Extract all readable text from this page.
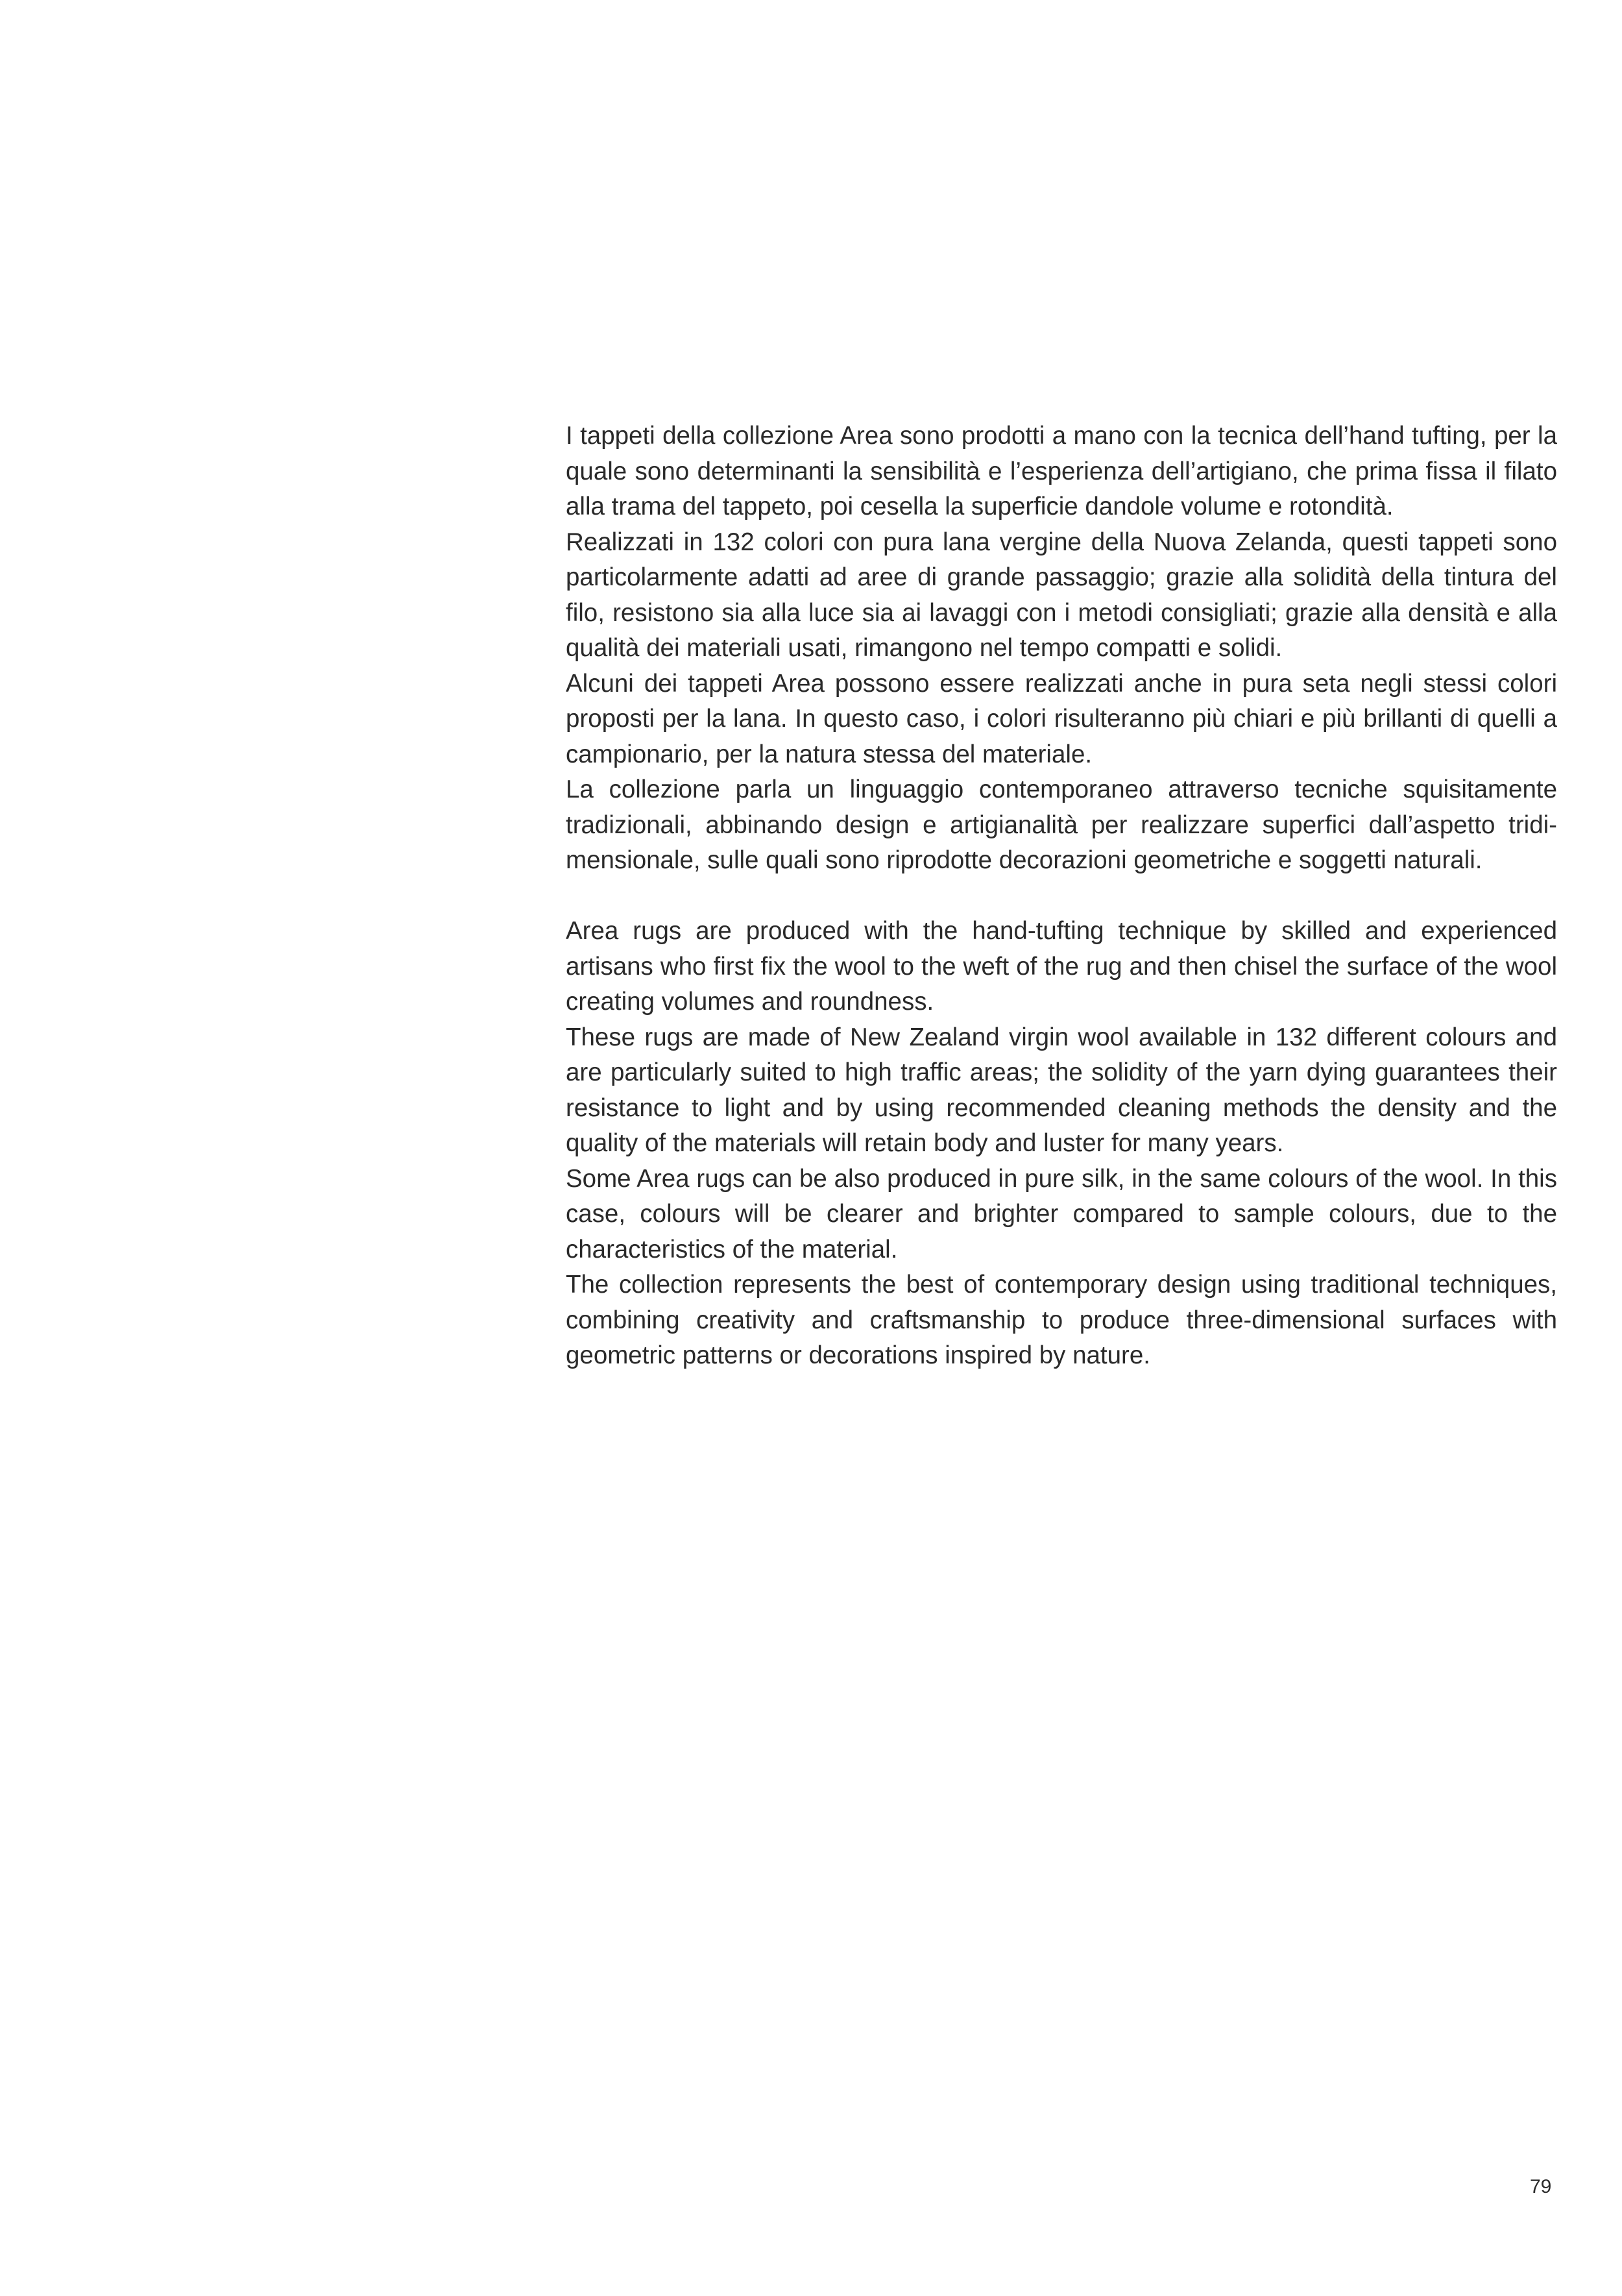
I tappeti della collezione Area sono prodotti a mano con la tecnica dell’hand tufting, per la quale sono determinanti la sensibilità e l’esperienza dell’artigiano, che prima fissa il filato alla trama del tappeto, poi cesella la superficie dandole volume e rotondità.

Realizzati in 132 colori con pura lana vergine della Nuova Zelanda, questi tappeti sono particolarmente adatti ad aree di grande passaggio; grazie alla solidità della tintura del filo, resistono sia alla luce sia ai lavaggi con i metodi consigliati; grazie alla densità e alla qualità dei materiali usati, rimangono nel tempo compatti e solidi.

Alcuni dei tappeti Area possono essere realizzati anche in pura seta negli stessi colori proposti per la lana. In questo caso, i colori risulteranno più chiari e più brillanti di quelli a campionario, per la natura stessa del materiale.

La collezione parla un linguaggio contemporaneo attraverso tecniche squisitamente tradizionali, abbinando design e artigianalità per realizzare superfici dall’aspetto tridimensionale, sulle quali sono riprodotte decorazioni geometriche e soggetti naturali.

Area rugs are produced with the hand-tufting technique by skilled and experienced artisans who first fix the wool to the weft of the rug and then chisel the surface of the wool creating volumes and roundness.

These rugs are made of New Zealand virgin wool available in 132 different colours and are particularly suited to high traffic areas; the solidity of the yarn dying guarantees their resistance to light and by using recommended cleaning methods the density and the quality of the materials will retain body and luster for many years.

Some Area rugs can be also produced in pure silk, in the same colours of the wool. In this case, colours will be clearer and brighter compared to sample colours, due to the characteristics of the material.

The collection represents the best of contemporary design using traditional techniques, combining creativity and craftsmanship to produce three-dimensional surfaces with geometric patterns or decorations inspired by nature.

79
